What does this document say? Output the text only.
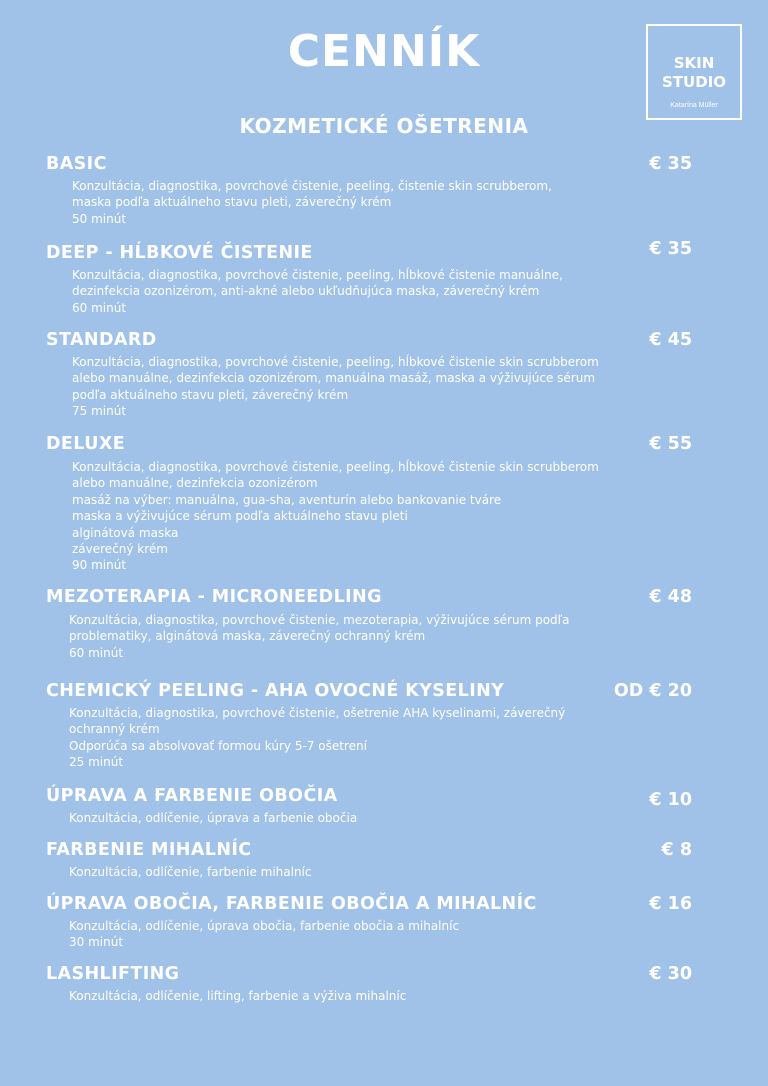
CENNÍK	SKIN
STUDIO
Katarína Müller
KOZMETICKÉ OŠETRENIA
BASIC	€ 35
Konzultácia, diagnostika, povrchové čistenie, peeling, čistenie skin scrubberom,
maska podľa aktuálneho stavu pleti, záverečný krém
50 minút
DEEP - HĹBKOVÉ ČISTENIE	€ 35
Konzultácia, diagnostika, povrchové čistenie, peeling, hĺbkové čistenie manuálne,
dezinfekcia ozonizérom, anti-akné alebo ukľudňujúca maska, záverečný krém
60 minút
STANDARD	€ 45
Konzultácia, diagnostika, povrchové čistenie, peeling, hĺbkové čistenie skin scrubberom
alebo manuálne, dezinfekcia ozonizérom, manuálna masáž, maska a výživujúce sérum
podľa aktuálneho stavu pleti, záverečný krém
75 minút
DELUXE	€ 55
Konzultácia, diagnostika, povrchové čistenie, peeling, hĺbkové čistenie skin scrubberom
alebo manuálne, dezinfekcia ozonizérom
masáž na výber: manuálna, gua-sha, aventurín alebo bankovanie tváre
maska a výživujúce sérum podľa aktuálneho stavu pleti
alginátová maska
záverečný krém
90 minút
MEZOTERAPIA - MICRONEEDLING	€ 48
Konzultácia, diagnostika, povrchové čistenie, mezoterapia, výživujúce sérum podľa
problematiky, alginátová maska, záverečný ochranný krém
60 minút
CHEMICKÝ PEELING - AHA OVOCNÉ KYSELINY	OD € 20
Konzultácia, diagnostika, povrchové čistenie, ošetrenie AHA kyselinami, záverečný
ochranný krém
Odporúča sa absolvovať formou kúry 5-7 ošetrení
25 minút
ÚPRAVA A FARBENIE OBOČIA	€ 10
Konzultácia, odlíčenie, úprava a farbenie obočia
FARBENIE MIHALNÍC	€ 8
Konzultácia, odlíčenie, farbenie mihalníc
ÚPRAVA OBOČIA, FARBENIE OBOČIA A MIHALNÍC	€ 16
Konzultácia, odlíčenie, úprava obočia, farbenie obočia a mihalníc
30 minút
LASHLIFTING	€ 30
Konzultácia, odlíčenie, lifting, farbenie a výživa mihalníc
